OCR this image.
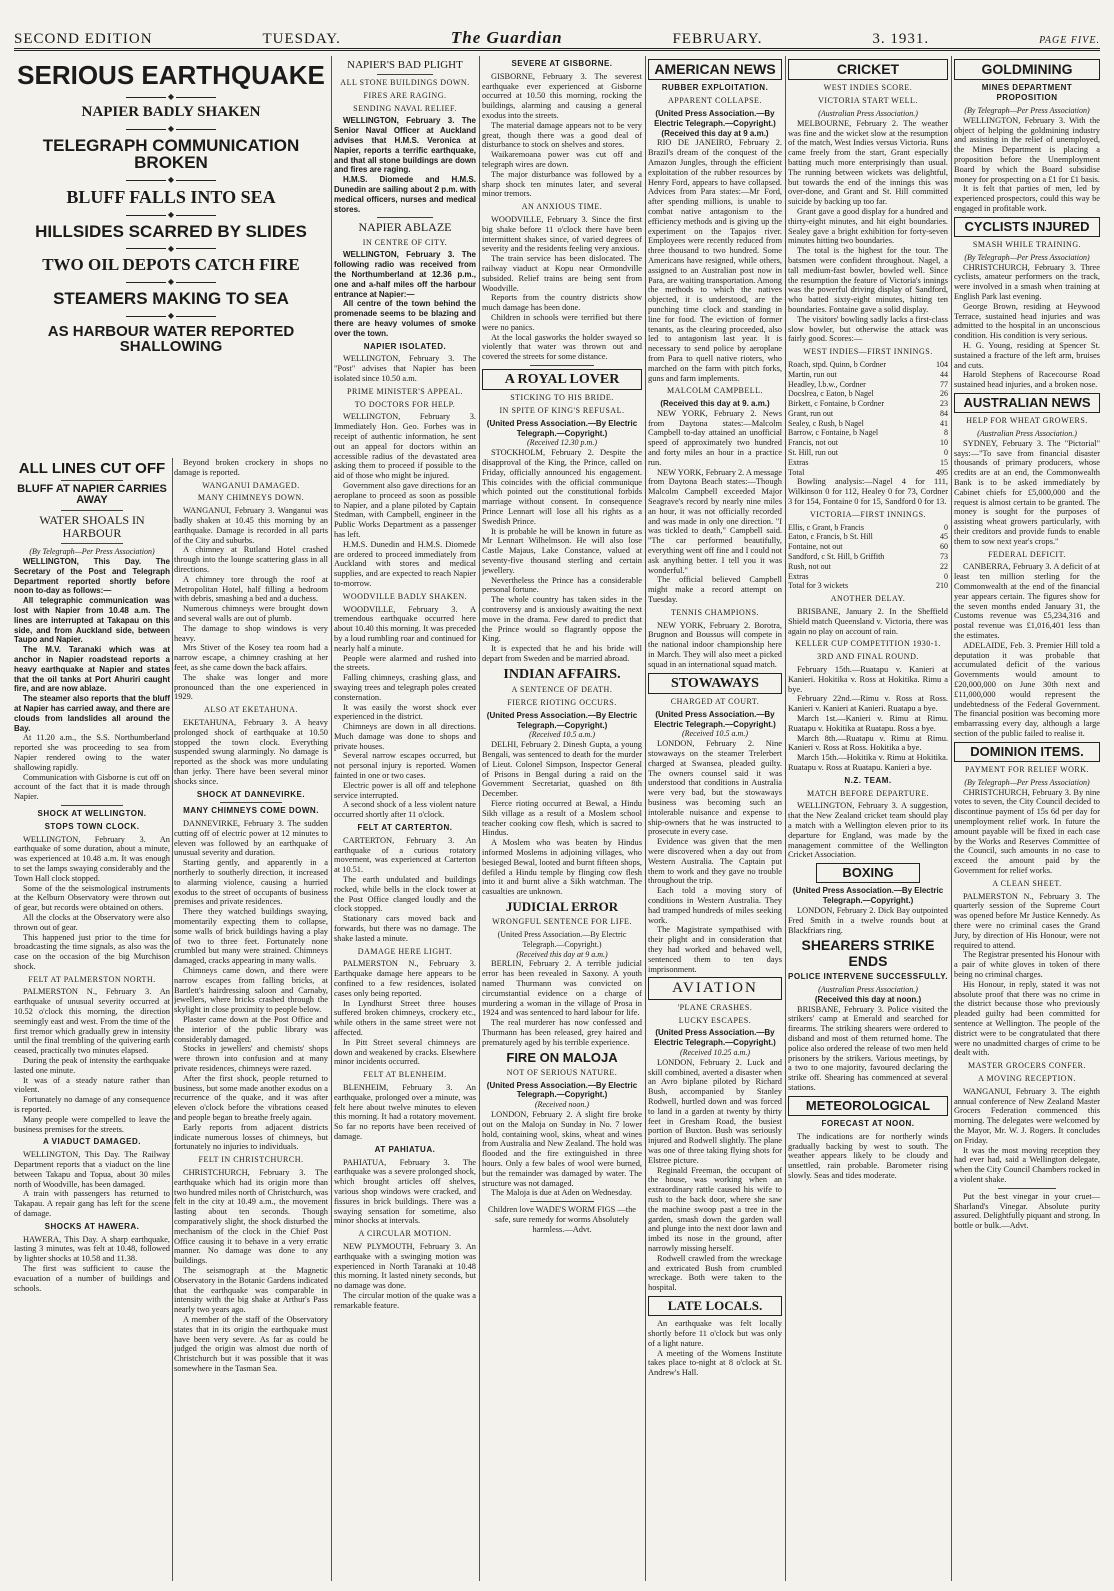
SECOND EDITION	TUESDAY.	The Guardian	FEBRUARY.	3. 1931.	PAGE FIVE.
SERIOUS EARTHQUAKE
◆
NAPIER BADLY SHAKEN
◆
TELEGRAPH COMMUNICATION BROKEN
◆
BLUFF FALLS INTO SEA
◆
HILLSIDES SCARRED BY SLIDES
◆
TWO OIL DEPOTS CATCH FIRE
◆
STEAMERS MAKING TO SEA
◆
AS HARBOUR WATER REPORTED SHALLOWING
ALL LINES CUT OFF
BLUFF AT NAPIER CARRIES AWAY
WATER SHOALS IN HARBOUR
(By Telegraph—Per Press Association)

WELLINGTON, This Day. The Secretary of the Post and Telegraph Department reported shortly before noon to-day as follows:—

All telegraphic communication was lost with Napier from 10.48 a.m. The lines are interrupted at Takapau on this side, and from Auckland side, between Taupo and Napier.

The M.V. Taranaki which was at anchor in Napier roadstead reports a heavy earthquake at Napier and states that the oil tanks at Port Ahuriri caught fire, and are now ablaze.

The steamer also reports that the bluff at Napier has carried away, and there are clouds from landslides all around the Bay.

At 11.20 a.m., the S.S. Northumberland reported she was proceeding to sea from Napier rendered owing to the water shallowing rapidly.

Communication with Gisborne is cut off on account of the fact that it is made through Napier.

SHOCK AT WELLINGTON.
STOPS TOWN CLOCK.

WELLINGTON, February 3. An earthquake of some duration, about a minute, was experienced at 10.48 a.m. It was enough to set the lamps swaying considerably and the Town Hall clock stopped.

Some of the the seismological instruments at the Kelburn Observatory were thrown out of gear, but records were obtained on others.

All the clocks at the Observatory were also thrown out of gear.

This happened just prior to the time for broadcasting the time signals, as also was the case on the occasion of the big Murchison shock.

FELT AT PALMERSTON NORTH.

PALMERSTON N., February 3. An earthquake of unusual severity occurred at 10.52 o'clock this morning, the direction seemingly east and west. From the time of the first tremor which gradually grew in intensity until the final trembling of the quivering earth ceased, practically two minutes elapsed.

During the peak of intensity the earthquake lasted one minute.

It was of a steady nature rather than violent.

Fortunately no damage of any consequence is reported.

Many people were compelled to leave the business premises for the streets.

A VIADUCT DAMAGED.

WELLINGTON, This Day. The Railway Department reports that a viaduct on the line between Takapu and Topua, about 30 miles north of Woodville, has been damaged.

A train with passengers has returned to Takapau. A repair gang has left for the scene of damage.

SHOCKS AT HAWERA.

HAWERA, This Day. A sharp earthquake, lasting 3 minutes, was felt at 10.48, followed by lighter shocks at 10.58 and 11.38.

The first was sufficient to cause the evacuation of a number of buildings and schools.

Beyond broken crockery in shops no damage is reported.

WANGANUI DAMAGED.
MANY CHIMNEYS DOWN.

WANGANUI, February 3. Wanganui was badly shaken at 10.45 this morning by an earthquake. Damage is recorded in all parts of the City and suburbs.

A chimney at Rutland Hotel crashed through into the lounge scattering glass in all directions.

A chimney tore through the roof at Metropolitan Hotel, half filling a bedroom with debris, smashing a bed and a duchess.

Numerous chimneys were brought down and several walls are out of plumb.

The damage to shop windows is very heavy.

Mrs Stiver of the Kosey tea room had a narrow escape, a chimney crashing at her feet, as she came down the back affairs.

The shake was longer and more pronounced than the one experienced in 1929.

ALSO AT EKETAHUNA.

EKETAHUNA, February 3. A heavy prolonged shock of earthquake at 10.50 stopped the town clock. Everything suspended swung alarmingly. No damage is reported as the shock was more undulating than jerky. There have been several minor shocks since.

SHOCK AT DANNEVIRKE.
MANY CHIMNEYS COME DOWN.

DANNEVIRKE, February 3. The sudden cutting off of electric power at 12 minutes to eleven was followed by an earthquake of unusual severity and duration.

Starting gently, and apparently in a northerly to southerly direction, it increased to alarming violence, causing a hurried exodus to the street of occupants of business premises and private residences.

There they watched buildings swaying, momentarily expecting them to collapse, some walls of brick buildings having a play of two to three feet. Fortunately none crumbled but many were strained. Chimneys damaged, cracks appearing in many walls.

Chimneys came down, and there were narrow escapes from falling bricks, at Bartlett's hairdressing saloon and Carnaby, jewellers, where bricks crashed through the skylight in close proximity to people below.

Plaster came down at the Post Office and the interior of the public library was considerably damaged.

Stocks in jewellers' and chemists' shops were thrown into confusion and at many private residences, chimneys were razed.

After the first shock, people returned to business, but some made another exodus on a recurrence of the quake, and it was after eleven o'clock before the vibrations ceased and people began to breathe freely again.

Early reports from adjacent districts indicate numerous losses of chimneys, but fortunately no injuries to individuals.

FELT IN CHRISTCHURCH.

CHRISTCHURCH, February 3. The earthquake which had its origin more than two hundred miles north of Christchurch, was felt in the city at 10.49 a.m., the movement lasting about ten seconds. Though comparatively slight, the shock disturbed the mechanism of the clock in the Chief Post Office causing it to behave in a very erratic manner. No damage was done to any buildings.

The seismograph at the Magnetic Observatory in the Botanic Gardens indicated that the earthquake was comparable in intensity with the big shake at Arthur's Pass nearly two years ago.

A member of the staff of the Observatory states that in its origin the earthquake must have been very severe. As far as could be judged the origin was almost due north of Christchurch but it was possible that it was somewhere in the Tasman Sea.

NAPIER'S BAD PLIGHT
ALL STONE BUILDINGS DOWN.
FIRES ARE RAGING.
SENDING NAVAL RELIEF.

WELLINGTON, February 3. The Senior Naval Officer at Auckland advises that H.M.S. Veronica at Napier, reports a terrific earthquake, and that all stone buildings are down and fires are raging.

H.M.S. Diomede and H.M.S. Dunedin are sailing about 2 p.m. with medical officers, nurses and medical stores.

NAPIER ABLAZE
IN CENTRE OF CITY.

WELLINGTON, February 3. The following radio was received from the Northumberland at 12.36 p.m., one and a-half miles off the harbour entrance at Napier:—

All centre of the town behind the promenade seems to be blazing and there are heavy volumes of smoke over the town.

NAPIER ISOLATED.

WELLINGTON, February 3. The "Post" advises that Napier has been isolated since 10.50 a.m.

PRIME MINISTER'S APPEAL.
TO DOCTORS FOR HELP.

WELLINGTON, February 3. Immediately Hon. Geo. Forbes was in receipt of authentic information, he sent out an appeal for doctors within an accessible radius of the devastated area asking them to proceed if possible to the aid of those who might be injured.

Government also gave directions for an aeroplane to proceed as soon as possible to Napier, and a plane piloted by Captain Stedman, with Campbell, engineer in the Public Works Department as a passenger has left.

H.M.S. Dunedin and H.M.S. Diomede are ordered to proceed immediately from Auckland with stores and medical supplies, and are expected to reach Napier to-morrow.

WOODVILLE BADLY SHAKEN.

WOODVILLE, February 3. A tremendous earthquake occurred here about 10.40 this morning. It was preceded by a loud rumbling roar and continued for nearly half a minute.

People were alarmed and rushed into the streets.

Falling chimneys, crashing glass, and swaying trees and telegraph poles created consternation.

It was easily the worst shock ever experienced in the district.

Chimneys are down in all directions. Much damage was done to shops and private houses.

Several narrow escapes occurred, but not personal injury is reported. Women fainted in one or two cases.

Electric power is all off and telephone service interrupted.

A second shock of a less violent nature occurred shortly after 11 o'clock.

FELT AT CARTERTON.

CARTERTON, February 3. An earthquake of a curious rotatory movement, was experienced at Carterton at 10.51.

The earth undulated and buildings rocked, while bells in the clock tower at the Post Office clanged loudly and the clock stopped.

Stationary cars moved back and forwards, but there was no damage. The shake lasted a minute.

DAMAGE HERE LIGHT.

PALMERSTON N., February 3. Earthquake damage here appears to be confined to a few residences, isolated cases only being reported.

In Lyndhurst Street three houses suffered broken chimneys, crockery etc., while others in the same street were not affected.

In Pitt Street several chimneys are down and weakened by cracks. Elsewhere minor incidents occurred.

FELT AT BLENHEIM.

BLENHEIM, February 3. An earthquake, prolonged over a minute, was felt here about twelve minutes to eleven this morning. It had a rotatory movement. So far no reports have been received of damage.

AT PAHIATUA.

PAHIATUA, February 3. The earthquake was a severe prolonged shock, which brought articles off shelves, various shop windows were cracked, and fissures in brick buildings. There was a swaying sensation for sometime, also minor shocks at intervals.

A CIRCULAR MOTION.

NEW PLYMOUTH, February 3. An earthquake with a swinging motion was experienced in North Taranaki at 10.48 this morning. It lasted ninety seconds, but no damage was done.

The circular motion of the quake was a remarkable feature.

SEVERE AT GISBORNE.

GISBORNE, February 3. The severest earthquake ever experienced at Gisborne occurred at 10.50 this morning, rocking the buildings, alarming and causing a general exodus into the streets.

The material damage appears not to be very great, though there was a good deal of disturbance to stock on shelves and stores.

Waikaremoana power was cut off and telegraph wires are down.

The major disturbance was followed by a sharp shock ten minutes later, and several minor tremors.

AN ANXIOUS TIME.

WOODVILLE, February 3. Since the first big shake before 11 o'clock there have been intermittent shakes since, of varied degrees of severity and the residents feeling very anxious.

The train service has been dislocated. The railway viaduct at Kopu near Ormondville subsided. Relief trains are being sent from Woodville.

Reports from the country districts show much damage has been done.

Children in schools were terrified but there were no panics.

At the local gasworks the holder swayed so violently that water was thrown out and covered the streets for some distance.

A ROYAL LOVER
STICKING TO HIS BRIDE.
IN SPITE OF KING'S REFUSAL.
(United Press Association.—By Electric Telegraph.—Copyright.)
(Received 12.30 p.m.)

STOCKHOLM, February 2. Despite the disapproval of the King, the Prince, called on Friday, officially announced his engagement. This coincides with the official communique which pointed out the constitutional forbids marriage without consent. In consequence Prince Lennart will lose all his rights as a Swedish Prince.

It is probable he will be known in future as Mr Lennart Wilhelmson. He will also lose Castle Majaus, Lake Constance, valued at seventy-five thousand sterling and certain jewellery.

Nevertheless the Prince has a considerable personal fortune.

The whole country has taken sides in the controversy and is anxiously awaiting the next move in the drama. Few dared to predict that the Prince would so flagrantly oppose the King.

It is expected that he and his bride will depart from Sweden and be married abroad.

INDIAN AFFAIRS.
A SENTENCE OF DEATH.
FIERCE RIOTING OCCURS.
(United Press Association.—By Electric Telegraph.—Copyright.)
(Received 10.5 a.m.)

DELHI, February 2. Dinesh Gupta, a young Bengali, was sentenced to death for the murder of Lieut. Colonel Simpson, Inspector General of Prisons in Bengal during a raid on the Government Secretariat, quashed on 8th December.

Fierce rioting occurred at Bewal, a Hindu Sikh village as a result of a Moslem school teacher cooking cow flesh, which is sacred to Hindus.

A Moslem who was beaten by Hindus informed Moslems in adjoining villages, who besieged Bewal, looted and burnt fifteen shops, defiled a Hindu temple by flinging cow flesh into it and burnt alive a Sikh watchman. The casualties are unknown.

JUDICIAL ERROR
WRONGFUL SENTENCE FOR LIFE.
(United Press Association.—By Electric Telegraph.—Copyright.)
(Received this day at 9 a.m.)

BERLIN, February 2. A terrible judicial error has been revealed in Saxony. A youth named Thurmann was convicted on circumstantial evidence on a charge of murdering a woman in the village of Prosa in 1924 and was sentenced to hard labour for life.

The real murderer has now confessed and Thurmann has been released, grey haired and prematurely aged by his terrible experience.

FIRE ON MALOJA
NOT OF SERIOUS NATURE.
(United Press Association.—By Electric Telegraph.—Copyright.)
(Received noon.)

LONDON, February 2. A slight fire broke out on the Maloja on Sunday in No. 7 lower hold, containing wool, skins, wheat and wines from Australia and New Zealand. The hold was flooded and the fire extinguished in three hours. Only a few bales of wool were burned, but the remainder was damaged by water. The structure was not damaged.

The Maloja is due at Aden on Wednesday.

Children love WADE'S WORM FIGS —the safe, sure remedy for worms Absolutely harmless.—Advt.

AMERICAN NEWS
RUBBER EXPLOITATION.
APPARENT COLLAPSE.
(United Press Association.—By Electric Telegraph.—Copyright.)
(Received this day at 9 a.m.)

RIO DE JANEIRO, February 2. Brazil's dream of the conquest of the Amazon Jungles, through the efficient exploitation of the rubber resources by Henry Ford, appears to have collapsed. Advices from Para states:—Mr Ford, after spending millions, is unable to combat native antagonism to the efficiency methods and is giving up the experiment on the Tapajos river. Employees were recently reduced from three thousand to two hundred. Some Americans have resigned, while others, assigned to an Australian post now in Para, are waiting transportation. Among the methods to which the natives objected, it is understood, are the punching time clock and standing in line for food. The eviction of former tenants, as the clearing proceeded, also led to antagonism last year. It is necessary to send police by aeroplane from Para to quell native rioters, who marched on the farm with pitch forks, guns and farm implements.

MALCOLM CAMPBELL.
(Received this day at 9. a.m.)

NEW YORK, February 2. News from Daytona states:—Malcolm Campbell to-day attained an unofficial speed of approximately two hundred and forty miles an hour in a practice run.

NEW YORK, February 2. A message from Daytona Beach states:—Though Malcolm Campbell exceeded Major Seagrave's record by nearly nine miles an hour, it was not officially recorded and was made in only one direction. "I was tickled to death," Campbell said. "The car performed beautifully, everything went off fine and I could not ask anything better. I tell you it was wonderful."

The official believed Campbell might make a record attempt on Tuesday.

TENNIS CHAMPIONS.

NEW YORK, February 2. Borotra, Brugnon and Boussus will compete in the national indoor championship here in March. They will also meet a picked squad in an international squad match.

STOWAWAYS
CHARGED AT COURT.
(United Press Association.—By Electric Telegraph.—Copyright.)
(Received 10.5 a.m.)

LONDON, February 2. Nine stowaways on the steamer Trelerbert charged at Swansea, pleaded guilty. The owners counsel said it was understood that conditions in Australia were very bad, but the stowaways business was becoming such an intolerable nuisance and expense to ship-owners that he was instructed to prosecute in every case.

Evidence was given that the men were discovered when a day out from Western Australia. The Captain put them to work and they gave no trouble throughout the trip.

Each told a moving story of conditions in Western Australia. They had tramped hundreds of miles seeking work.

The Magistrate sympathised with their plight and in consideration that they had worked and behaved well, sentenced them to ten days imprisonment.

AVIATION
'PLANE CRASHES.
LUCKY ESCAPES.
(United Press Association.—By Electric Telegraph.—Copyright.)
(Received 10.25 a.m.)

LONDON, February 2. Luck and skill combined, averted a disaster when an Avro biplane piloted by Richard Bush, accompanied by Stanley Rodwell, hurtled down and was forced to land in a garden at twenty by thirty feet in Gresham Road, the busiest portion of Buxton. Bush was seriously injured and Rodwell slightly. The plane was one of three taking flying shots for Elstree picture.

Reginald Freeman, the occupant of the house, was working when an extraordinary rattle caused his wife to rush to the back door, where she saw the machine swoop past a tree in the garden, smash down the garden wall and plunge into the next door lawn and imbed its nose in the ground, after narrowly missing herself.

Rodwell crawled from the wreckage and extricated Bush from crumbled wreckage. Both were taken to the hospital.

LATE LOCALS.

An earthquake was felt locally shortly before 11 o'clock but was only of a light nature.

A meeting of the Womens Institute takes place to-night at 8 o'clock at St. Andrew's Hall.

CRICKET
WEST INDIES SCORE.
VICTORIA START WELL.
(Australian Press Association.)

MELBOURNE, February 2. The weather was fine and the wicket slow at the resumption of the match, West Indies versus Victoria. Runs came freely from the start, Grant especially batting much more enterprisingly than usual. The running between wickets was delightful, but towards the end of the innings this was over-done, and Grant and St. Hill committed suicide by backing up too far.

Grant gave a good display for a hundred and thirty-eight minutes, and hit eight boundaries. Sealey gave a bright exhibition for forty-seven minutes hitting two boundaries.

The total is the highest for the tour. The batsmen were confident throughout. Nagel, a tall medium-fast bowler, bowled well. Since the resumption the feature of Victoria's innings was the powerful driving display of Sandford, who batted sixty-eight minutes, hitting ten boundaries. Fontaine gave a solid display.

The visitors' bowling sadly lacks a first-class slow bowler, but otherwise the attack was fairly good. Scores:—

WEST INDIES—FIRST INNINGS.
Roach, stpd. Quinn, b Cordner	104
Martin, run out	44
Headley, l.b.w., Cordner	77
Docslrea, c Eaton, b Nagel	26
Birkett, c Fontaine, b Cordner	23
Grant, run out	84
Sealey, c Rush, b Nagel	41
Barrow, c Fontaine, b Nagel	8
Francis, not out	10
St. Hill, run out	0
Extras	15
Total	495

Bowling analysis:—Nagel 4 for 111, Wilkinson 0 for 112, Healey 0 for 73, Cordner 3 for 154, Fontaine 0 for 15, Sandford 0 for 13.

VICTORIA—FIRST INNINGS.
Ellis, c Grant, b Francis	0
Eaton, c Francis, b St. Hill	45
Fontaine, not out	60
Sandford, c St. Hill, b Griffith	73
Rush, not out	22
Extras	0
Total for 3 wickets	210
ANOTHER DELAY.

BRISBANE, January 2. In the Sheffield Shield match Queensland v. Victoria, there was again no play on account of rain.

KELLER CUP COMPETITION 1930-1.
3RD AND FINAL ROUND.

February 15th.—Ruatapu v. Kanieri at Kanieri. Hokitika v. Ross at Hokitika. Rimu a bye.

February 22nd.—Rimu v. Ross at Ross. Kanieri v. Kanieri at Kanieri. Ruatapu a bye.

March 1st.—Kanieri v. Rimu at Rimu. Ruatapu v. Hokitika at Ruatapu. Ross a bye.

March 8th.—Ruatapu v. Rimu at Rimu. Kanieri v. Ross at Ross. Hokitika a bye.

March 15th.—Hokitika v. Rimu at Hokitika. Ruatapu v. Ross at Ruatapu. Kanieri a bye.

N.Z. TEAM.
MATCH BEFORE DEPARTURE.

WELLINGTON, February 3. A suggestion, that the New Zealand cricket team should play a match with a Wellington eleven prior to its departure for England, was made by the management committee of the Wellington Cricket Association.

BOXING
(United Press Association.—By Electric Telegraph.—Copyright.)

LONDON, February 2. Dick Bay outpointed Fred Smith in a twelve rounds bout at Blackfriars ring.

SHEARERS STRIKE ENDS
POLICE INTERVENE SUCCESSFULLY.
(Australian Press Association.)
(Received this day at noon.)

BRISBANE, February 3. Police visited the strikers' camp at Emerald and searched for firearms. The striking shearers were ordered to disband and most of them returned home. The police also ordered the release of two men held prisoners by the strikers. Various meetings, by a two to one majority, favoured declaring the strike off. Shearing has commenced at several stations.

METEOROLOGICAL
FORECAST AT NOON.

The indications are for northerly winds gradually backing by west to south. The weather appears likely to be cloudy and unsettled, rain probable. Barometer rising slowly. Seas and tides moderate.

GOLDMINING
MINES DEPARTMENT PROPOSITION
(By Telegraph—Per Press Association)

WELLINGTON, February 3. With the object of helping the goldmining industry and assisting in the relief of unemployed, the Mines Department is placing a proposition before the Unemployment Board by which the Board subsidise money for prospecting on a £1 for £1 basis.

It is felt that parties of men, led by experienced prospectors, could this way be engaged in profitable work.

CYCLISTS INJURED
SMASH WHILE TRAINING.
(By Telegraph—Per Press Association)

CHRISTCHURCH, February 3. Three cyclists, amateur performers on the track, were involved in a smash when training at English Park last evening.

George Brown, residing at Heywood Terrace, sustained head injuries and was admitted to the hospital in an unconscious condition. His condition is very serious.

H. G. Young, residing at Spencer St. sustained a fracture of the left arm, bruises and cuts.

Harold Stephens of Racecourse Road sustained head injuries, and a broken nose.

AUSTRALIAN NEWS
HELP FOR WHEAT GROWERS.
(Australian Press Association.)

SYDNEY, February 3. The "Pictorial" says:—"To save from financial disaster thousands of primary producers, whose credits are at an end, the Commonwealth Bank is to be asked immediately by Cabinet chiefs for £5,000,000 and the request is almost certain to be granted. The money is sought for the purposes of assisting wheat growers particularly, with their creditors and provide funds to enable them to sow next year's crops."

FEDERAL DEFICIT.

CANBERRA, February 3. A deficit of at least ten million sterling for the Commonwealth at the end of the financial year appears certain. The figures show for the seven months ended January 31, the Customs revenue was £5,234,316 and postal revenue was £1,016,401 less than the estimates.

ADELAIDE, Feb. 3. Premier Hill told a deputation it was probable that accumulated deficit of the various Governments would amount to £20,000,000 on June 30th next and £11,000,000 would represent the undebtedness of the Federal Government. The financial position was becoming more embarrassing every day, although a large section of the public failed to realise it.

DOMINION ITEMS.
PAYMENT FOR RELIEF WORK.
(By Telegraph—Per Press Association)

CHRISTCHURCH, February 3. By nine votes to seven, the City Council decided to discontinue payment of 15s 6d per day for unemployment relief work. In future the amount payable will be fixed in each case by the Works and Reserves Committee of the Council, such amounts in no case to exceed the amount paid by the Government for relief works.

A CLEAN SHEET.

PALMERSTON N., February 3. The quarterly session of the Supreme Court was opened before Mr Justice Kennedy. As there were no criminal cases the Grand Jury, by direction of His Honour, were not required to attend.

The Registrar presented his Honour with a pair of white gloves in token of there being no criminal charges.

His Honour, in reply, stated it was not absolute proof that there was no crime in the district because those who previously pleaded guilty had been committed for sentence at Wellington. The people of the district were to be congratulated that there were no unadmitted charges of crime to be dealt with.

MASTER GROCERS CONFER.
A MOVING RECEPTION.

WANGANUI, February 3. The eighth annual conference of New Zealand Master Grocers Federation commenced this morning. The delegates were welcomed by the Mayor, Mr. W. J. Rogers. It concludes on Friday.

It was the most moving reception they had ever had, said a Wellington delegate, when the City Council Chambers rocked in a violent shake.

Put the best vinegar in your cruet—Sharland's Vinegar. Absolute purity assured. Delightfully piquant and strong. In bottle or bulk.—Advt.
